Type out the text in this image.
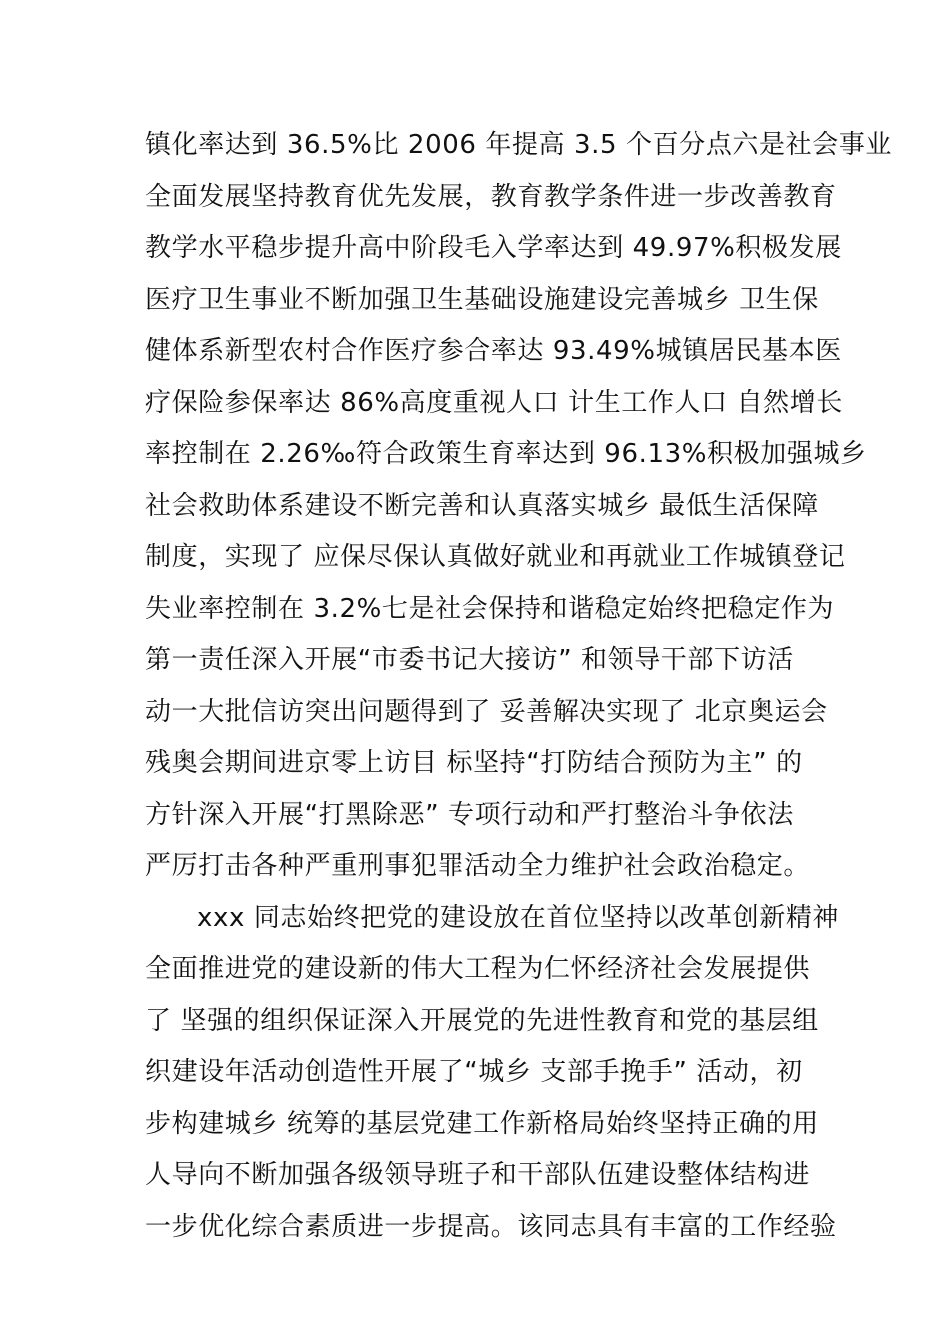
镇化率达到 36.5%比 2006 年提高 3.5 个百分点六是社会事业
全面发展坚持教育优先发展，教育教学条件进一步改善教育
教学水平稳步提升高中阶段毛入学率达到 49.97%积极发展
医疗卫生事业不断加强卫生基础设施建设完善城乡 卫生保
健体系新型农村合作医疗参合率达 93.49%城镇居民基本医
疗保险参保率达 86%高度重视人口 计生工作人口 自然增长
率控制在 2.26‰符合政策生育率达到 96.13%积极加强城乡
社会救助体系建设不断完善和认真落实城乡 最低生活保障
制度，实现了 应保尽保认真做好就业和再就业工作城镇登记
失业率控制在 3.2%七是社会保持和谐稳定始终把稳定作为
第一责任深入开展“市委书记大接访” 和领导干部下访活
动一大批信访突出问题得到了 妥善解决实现了 北京奥运会
残奥会期间进京零上访目 标坚持“打防结合预防为主” 的
方针深入开展“打黑除恶” 专项行动和严打整治斗争依法
严厉打击各种严重刑事犯罪活动全力维护社会政治稳定。
xxx 同志始终把党的建设放在首位坚持以改革创新精神
全面推进党的建设新的伟大工程为仁怀经济社会发展提供
了 坚强的组织保证深入开展党的先进性教育和党的基层组
织建设年活动创造性开展了“城乡 支部手挽手” 活动，初
步构建城乡 统筹的基层党建工作新格局始终坚持正确的用
人导向不断加强各级领导班子和干部队伍建设整体结构进
一步优化综合素质进一步提高。该同志具有丰富的工作经验
